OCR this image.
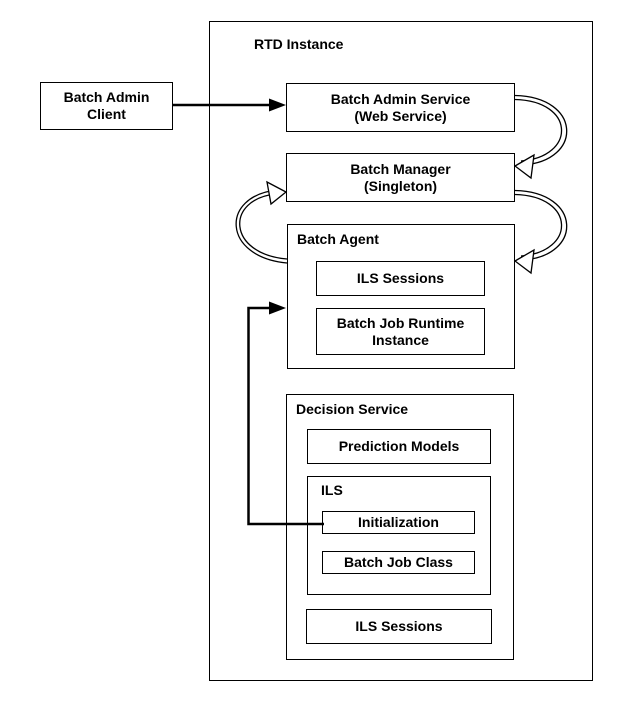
Batch Admin
Client
RTD Instance
Batch Admin Service
(Web Service)
Batch Manager
(Singleton)
Batch Agent
ILS Sessions
Batch Job Runtime
Instance
Decision Service
Prediction Models
ILS
Initialization
Batch Job Class
ILS Sessions
